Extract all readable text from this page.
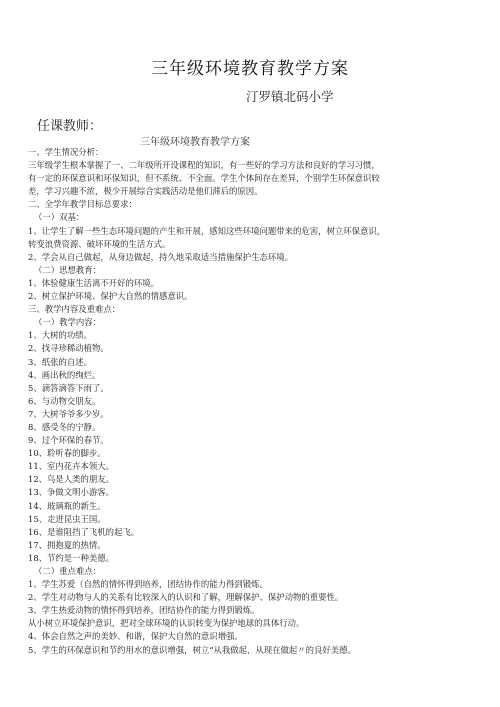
三年级环境教育教学方案
汀罗镇北码小学
任课教师：
三年级环境教育教学方案
一、学生情况分析：
三年级学生根本掌握了一、二年级所开设课程的知识，有一些好的学习方法和良好的学习习惯，
有一定的环保意识和环保知识，但不系统、不全面。学生个体间存在差异，个别学生环保意识较
差，学习兴趣不浓，极少开展综合实践活动是他们滞后的原因。
二、全学年教学目标总要求：
（一）双基：
1、让学生了解一些生态环境问题的产生和开展，感知这些环境问题带来的危害，树立环保意识，
转变浪费资源、破坏环境的生活方式。
2、学会从自己做起，从身边做起，持久地采取适当措施保护生态环境。
（二）思想教育：
1、体验健康生活离不开好的环境。
2、树立保护环境、保护大自然的情感意识。
三、教学内容及重难点：
（一）教学内容：
1、大树的功绩。
2、找寻珍稀动植物。
3、纸张的自述。
4、画出秋的绚烂。
5、滴答滴答下雨了。
6、与动物交朋友。
7、大树爷爷多少岁。
8、感受冬的宁静。
9、过个环保的春节。
10、聆听春的脚步。
11、室内花卉本领大。
12、鸟是人类的朋友。
13、争做文明小游客。
14、玻璃瓶的新生。
15、走进昆虫王国。
16、是谁阻挡了飞机的起飞。
17、拥抱夏的热情。
18、节约是一种美德。
（二）重点难点：
1、学生苏爱（自然的情怀得到培养，团结协作的能力得到锻炼。
2、学生对动物与人的关系有比较深入的认识和了解，理解保护、保护动物的重要性。
3、学生热爱动物的情怀得到培养，团结协作的能力得到锻炼。
从小树立环境保护意识，把对全球环境的认识转变为保护地球的具体行动。
4、体会自然之声的美妙、和谐，保护大自然的意识增强。
5、学生的环保意识和节约用水的意识增强，树立“从我做起，从现在做起〃的良好美德。
